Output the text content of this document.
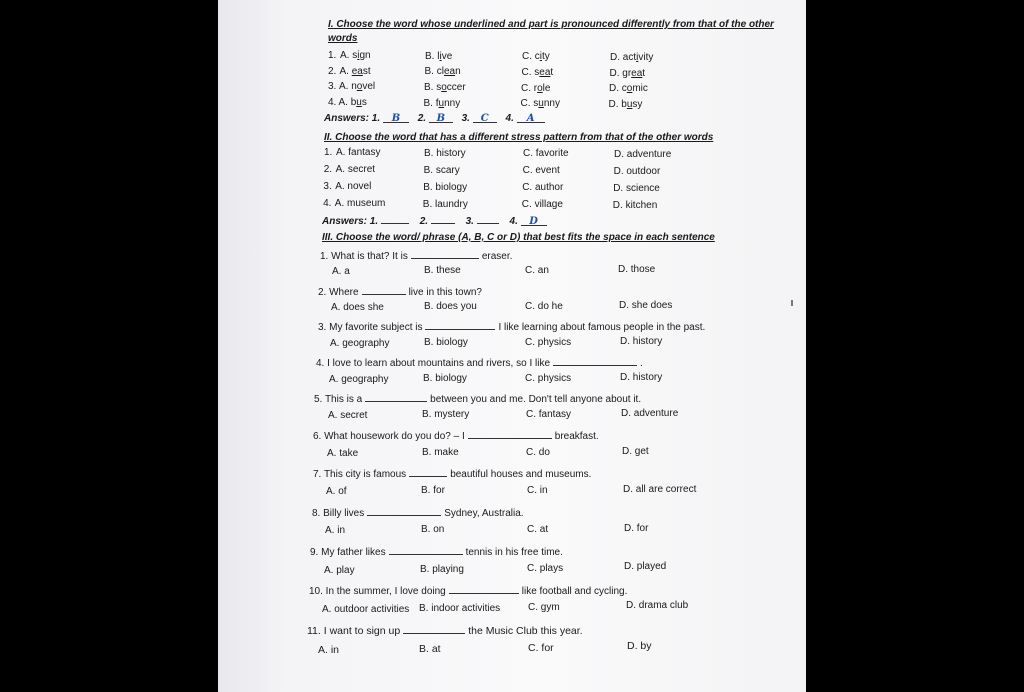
I. Choose the word whose underlined and part is pronounced differently from that of the other
words
1. A. sign	B. live	C. city	D. activity
2. A. east	B. clean	C. seat	D. great
3. A. novel	B. soccer	C. role	D. comic
4. A. bus	B. funny	C. sunny	D. busy
Answers: 1. B 2. B 3. C 4. A
II. Choose the word that has a different stress pattern from that of the other words
1. A. fantasy	B. history	C. favorite	D. adventure
2. A. secret	B. scary	C. event	D. outdoor
3. A. novel	B. biology	C. author	D. science
4. A. museum	B. laundry	C. village	D. kitchen
Answers: 1.	2.	3.	4. D
III. Choose the word/ phrase (A, B, C or D) that best fits the space in each sentence
1. What is that? It is	eraser.
A. a	B. these	C. an	D. those
2. Where	live in this town?
A. does she	B. does you	C. do he	D. she does
3. My favorite subject is	I like learning about famous people in the past.
A. geography	B. biology	C. physics	D. history
4. I love to learn about mountains and rivers, so I like	.
A. geography	B. biology	C. physics	D. history
5. This is a	between you and me. Don't tell anyone about it.
A. secret	B. mystery	C. fantasy	D. adventure
6. What housework do you do? – I	breakfast.
A. take	B. make	C. do	D. get
7. This city is famous	beautiful houses and museums.
A. of	B. for	C. in	D. all are correct
8. Billy lives	Sydney, Australia.
A. in	B. on	C. at	D. for
9. My father likes	tennis in his free time.
A. play	B. playing	C. plays	D. played
10. In the summer, I love doing	like football and cycling.
A. outdoor activities B. indoor activities	C. gym	D. drama club
11. I want to sign up	the Music Club this year.
A. in	B. at	C. for	D. by
